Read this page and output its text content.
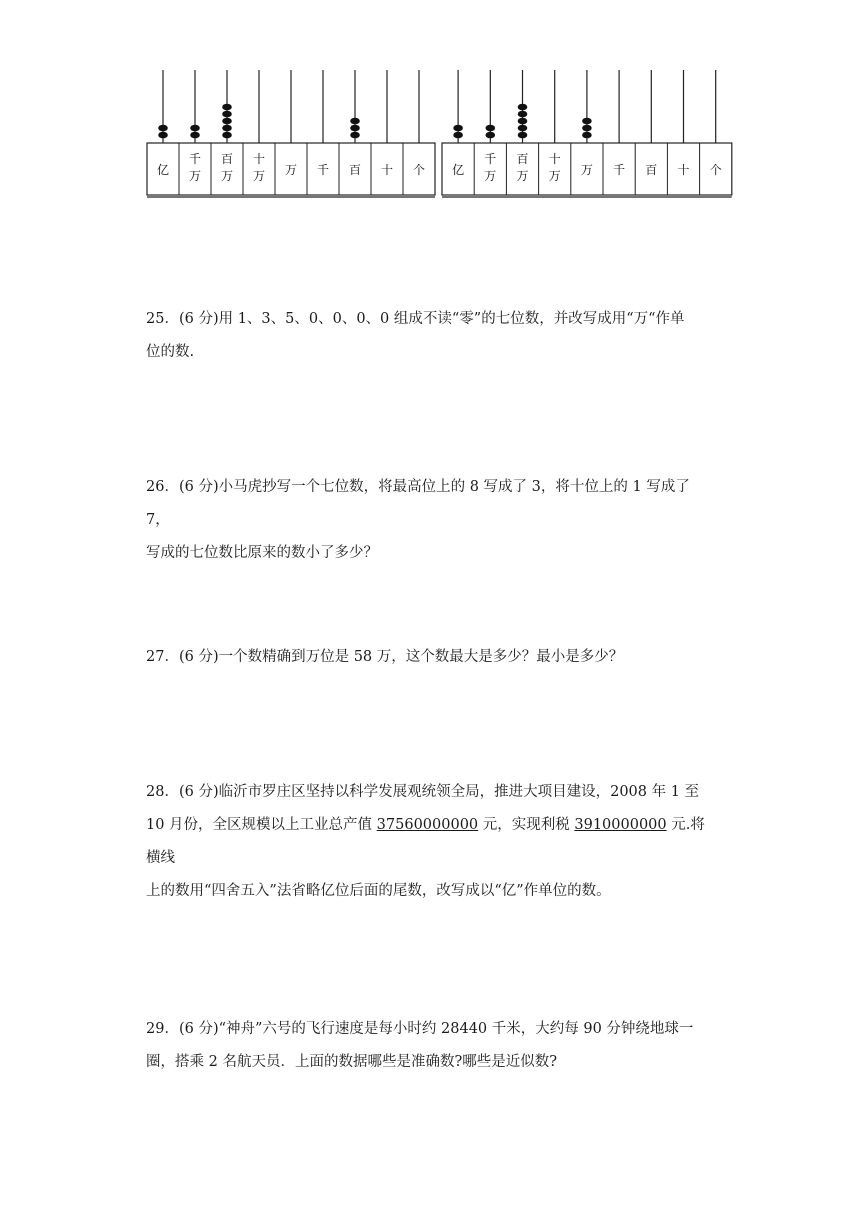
亿
千
万
百
万
十
万 万 千 百 十 个 亿
千
万
百
万
十
万 万 千 百 十 个

25．(6 分)用 1、3、5、0、0、0、0 组成不读“零”的七位数，并改写成用“万“作单

位的数.

26．(6 分)小马虎抄写一个七位数，将最高位上的 8 写成了 3，将十位上的 1 写成了 7，

写成的七位数比原来的数小了多少？

27．(6 分)一个数精确到万位是 58 万，这个数最大是多少？最小是多少？

28．(6 分)临沂市罗庄区坚持以科学发展观统领全局，推进大项目建设，2008 年 1 至

10 月份，全区规模以上工业总产值 37560000000 元，实现利税 3910000000 元.将横线

上的数用“四舍五入”法省略亿位后面的尾数，改写成以“亿”作单位的数。

29．(6 分)“神舟”六号的飞行速度是每小时约 28440 千米，大约每 90 分钟绕地球一

圈，搭乘 2 名航天员．上面的数据哪些是准确数?哪些是近似数?
